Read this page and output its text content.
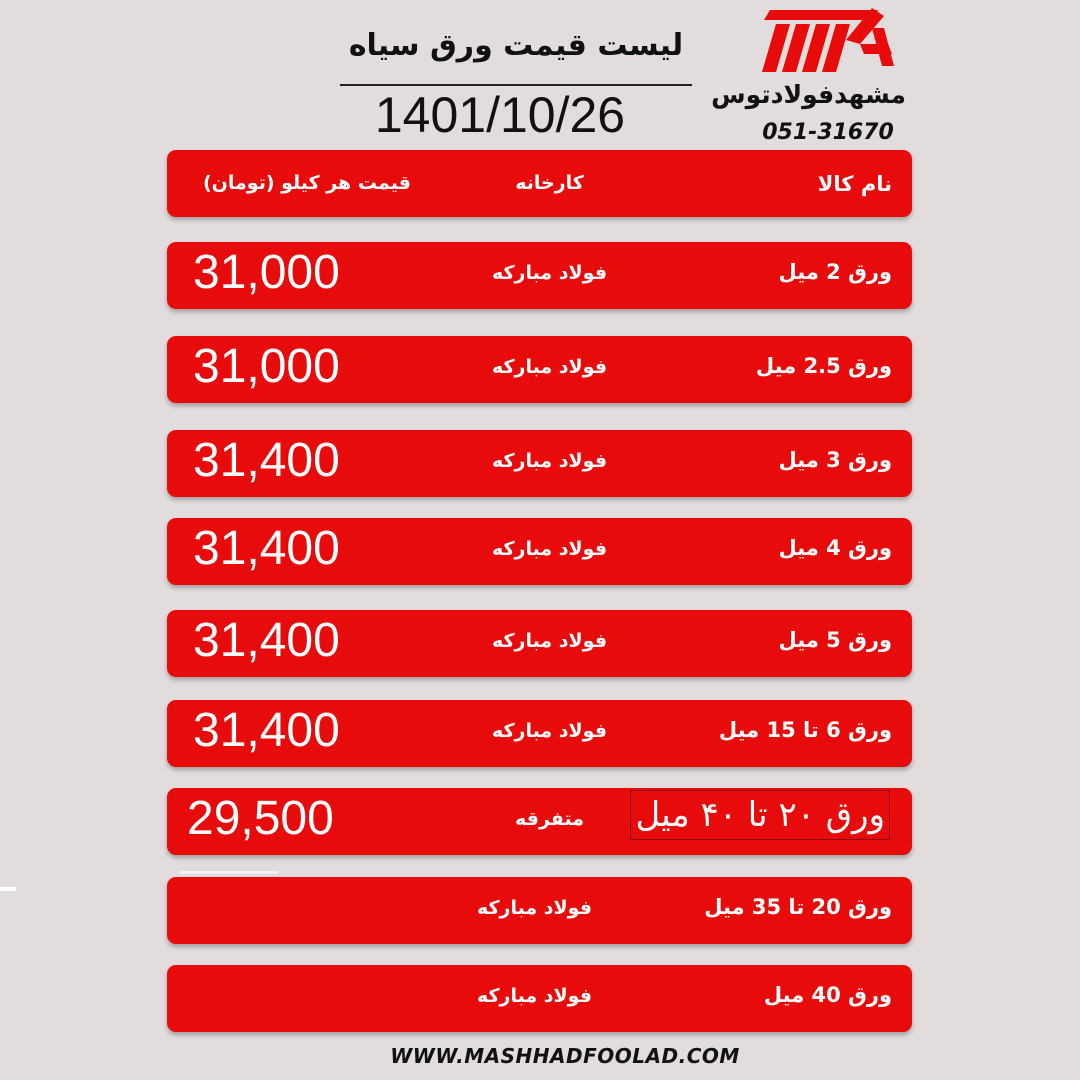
لیست قیمت ورق سیاه
1401/10/26	مشهدفولادتوس
051-31670
نام کالا
کارخانه
قیمت هر کیلو (تومان)
ورق 2 میل
فولاد مبارکه
31,000
ورق 2.5 میل
فولاد مبارکه
31,000
ورق 3 میل
فولاد مبارکه
31,400
ورق 4 میل
فولاد مبارکه
31,400
ورق 5 میل
فولاد مبارکه
31,400
ورق 6 تا 15 میل
فولاد مبارکه
31,400
ورق ۲۰ تا ۴۰ میل
متفرقه
29,500
ورق 20 تا 35 میل
فولاد مبارکه
ورق 40 میل
فولاد مبارکه
WWW.MASHHADFOOLAD.COM
